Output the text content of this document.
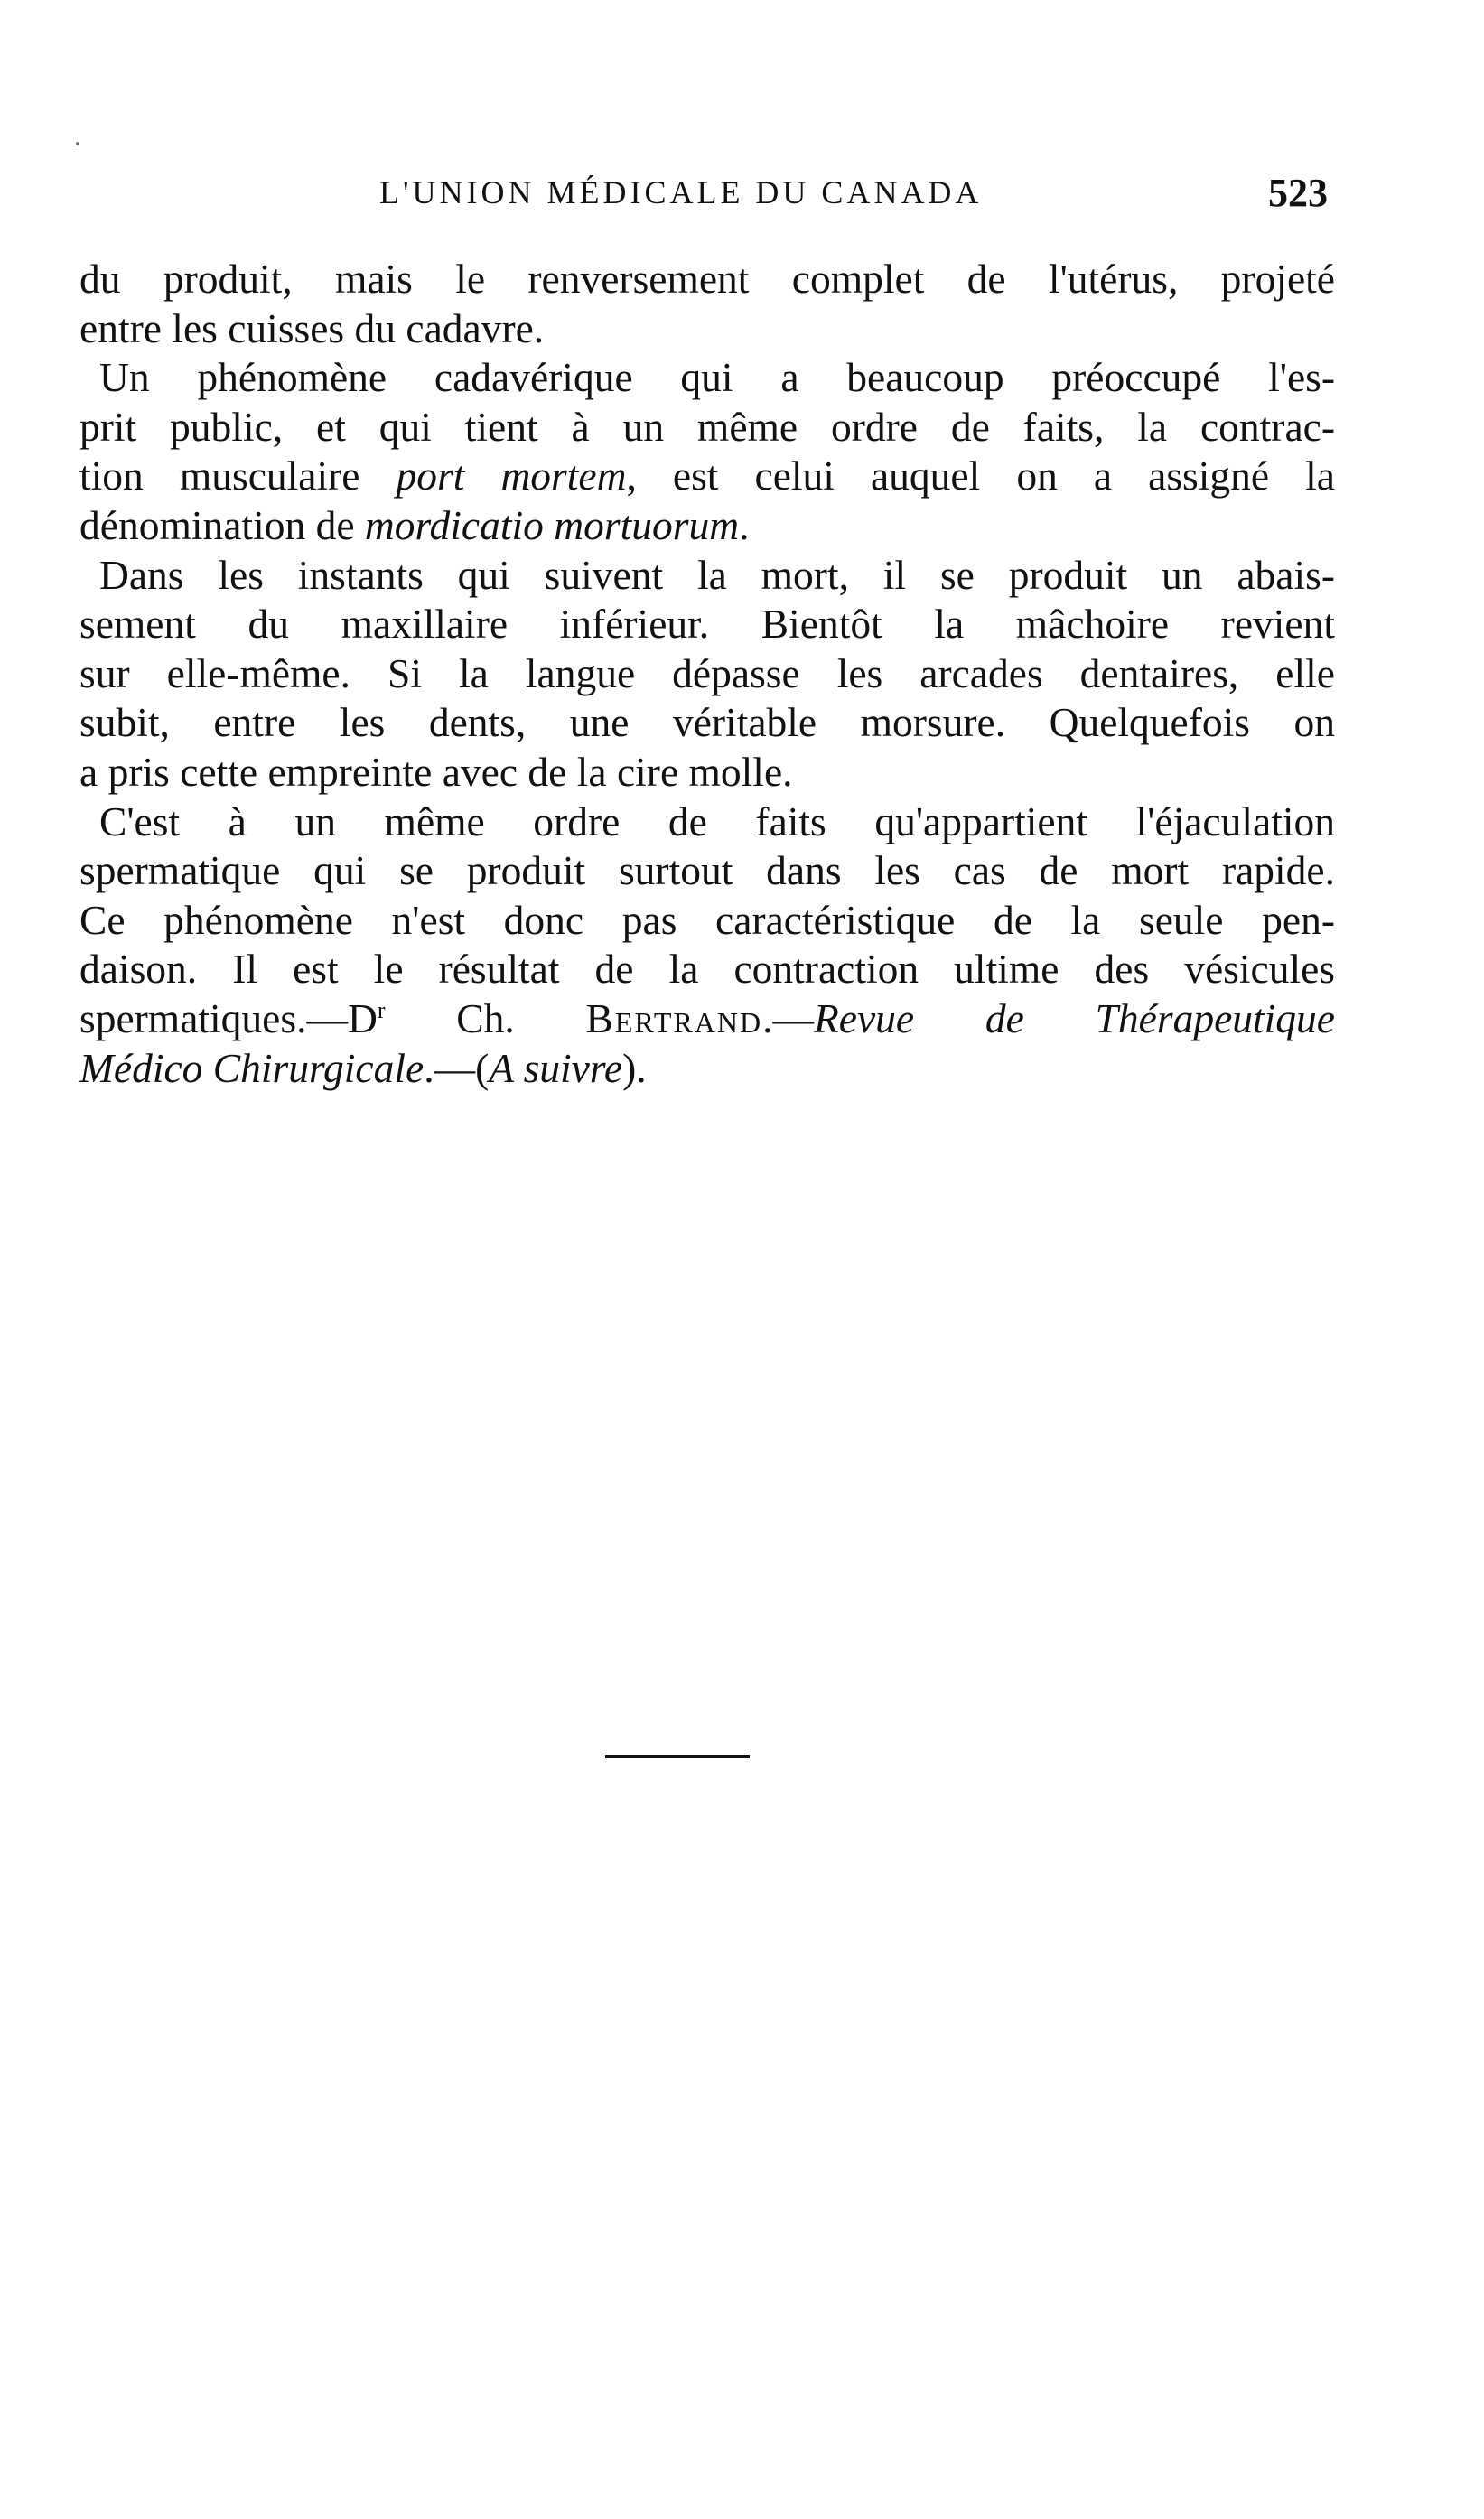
L'UNION MÉDICALE DU CANADA	523
du produit, mais le renversement complet de l'utérus, projeté
entre les cuisses du cadavre.
Un phénomène cadavérique qui a beaucoup préoccupé l'es-
prit public, et qui tient à un même ordre de faits, la contrac-
tion musculaire port mortem, est celui auquel on a assigné la
dénomination de mordicatio mortuorum.
Dans les instants qui suivent la mort, il se produit un abais-
sement du maxillaire inférieur. Bientôt la mâchoire revient
sur elle-même. Si la langue dépasse les arcades dentaires, elle
subit, entre les dents, une véritable morsure. Quelquefois on
a pris cette empreinte avec de la cire molle.
C'est à un même ordre de faits qu'appartient l'éjaculation
spermatique qui se produit surtout dans les cas de mort rapide.
Ce phénomène n'est donc pas caractéristique de la seule pen-
daison. Il est le résultat de la contraction ultime des vésicules
$spermatiques.—D^r$ Ch. Bertrand.—Revue de Thérapeutique
Médico Chirurgicale.—(A suivre).
